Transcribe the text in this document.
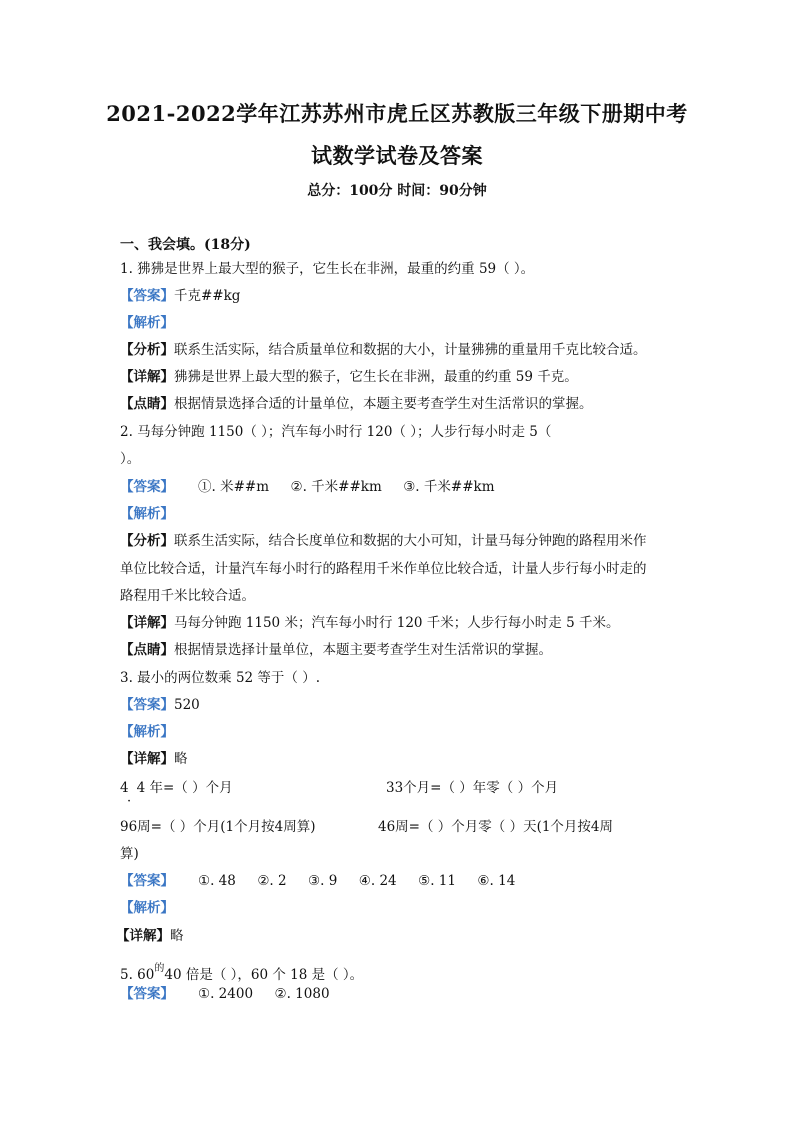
2021-2022学年江苏苏州市虎丘区苏教版三年级下册期中考
试数学试卷及答案
总分：100分 时间：90分钟
一、我会填。(18分)
1. 狒狒是世界上最大型的猴子，它生长在非洲，最重的约重 59（ ）。
【答案】千克##kg
【解析】
【分析】联系生活实际，结合质量单位和数据的大小，计量狒狒的重量用千克比较合适。
【详解】狒狒是世界上最大型的猴子，它生长在非洲，最重的约重 59 千克。
【点睛】根据情景选择合适的计量单位，本题主要考查学生对生活常识的掌握。
2. 马每分钟跑 1150（ ）；汽车每小时行 120（ ）；人步行每小时走 5（
）。
【答案】 ①. 米##m     ②. 千米##km     ③. 千米##km
【解析】
【分析】联系生活实际，结合长度单位和数据的大小可知，计量马每分钟跑的路程用米作
单位比较合适，计量汽车每小时行的路程用千米作单位比较合适，计量人步行每小时走的
路程用千米比较合适。
【详解】马每分钟跑 1150 米；汽车每小时行 120 千米；人步行每小时走 5 千米。
【点睛】根据情景选择计量单位，本题主要考查学生对生活常识的掌握。
3. 最小的两位数乘 52 等于（ ）.
【答案】520
【解析】
【详解】略
4 4 年=（ ）个月	33个月=（ ）年零（ ）个月
·
96周=（ ）个月(1个月按4周算)	46周=（ ）个月零（ ）天(1个月按4周
算)
【答案】 ①. 48     ②. 2     ③. 9     ④. 24     ⑤. 11     ⑥. 14
【解析】
【详解】略
5. $60^的40$ 倍是（ ），60 个 18 是（ ）。
【答案】 ①. 2400     ②. 1080
